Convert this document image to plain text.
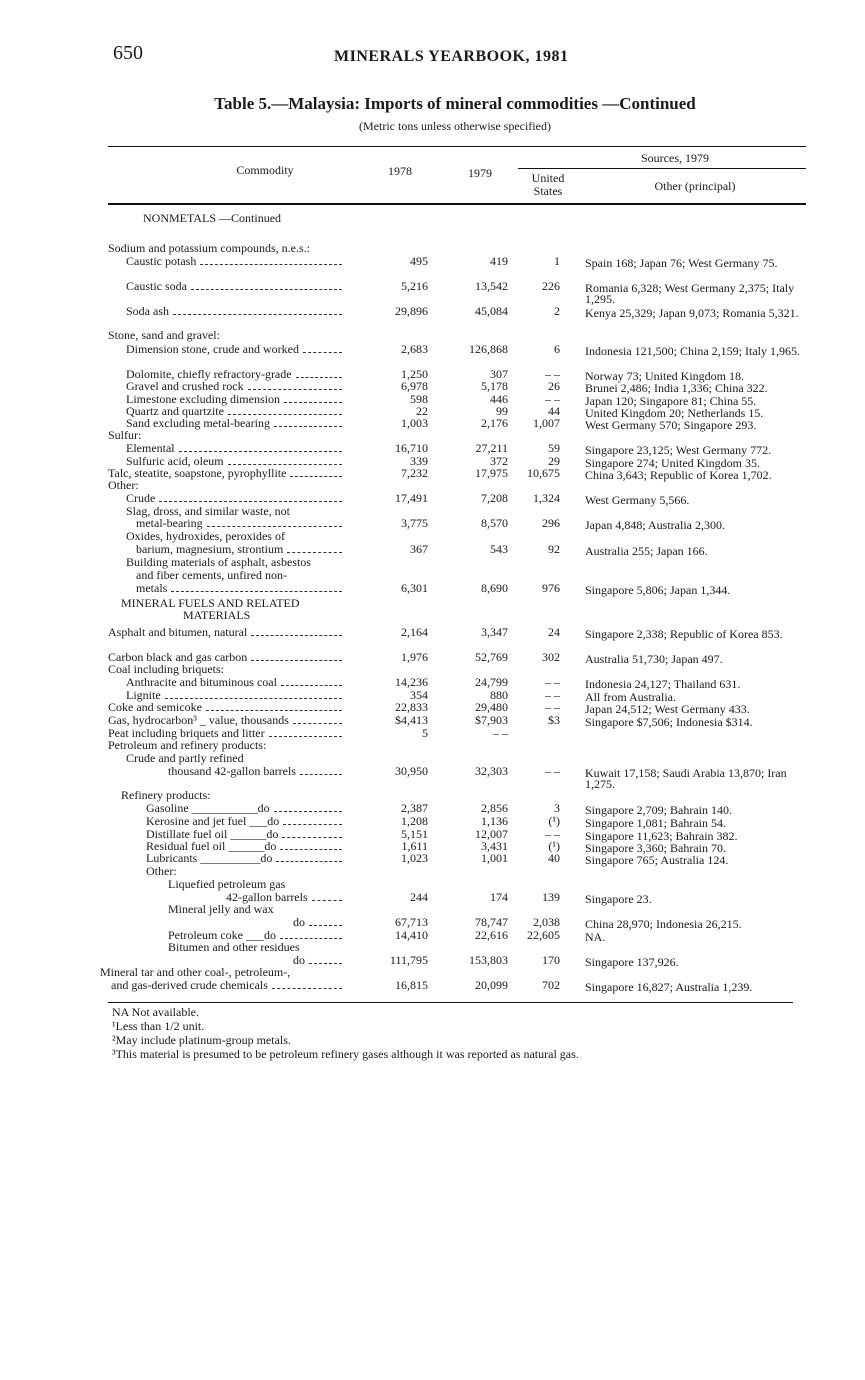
650	MINERALS YEARBOOK, 1981
Table 5.—Malaysia: Imports of mineral commodities —Continued
(Metric tons unless otherwise specified)
Commodity	1978	1979
Sources, 1979
United States	Other (principal)
NONMETALS —Continued
Sodium and potassium compounds, n.e.s.:
Caustic potash	495	419	1 Spain 168; Japan 76; West Germany 75.
Caustic soda	5,216	13,542	226 Romania 6,328; West Germany 2,375; Italy 1,295.
Soda ash	29,896	45,084	2 Kenya 25,329; Japan 9,073; Romania 5,321.
Stone, sand and gravel:
Dimension stone, crude and worked	2,683	126,868	6 Indonesia 121,500; China 2,159; Italy 1,965.
Dolomite, chiefly refractory-grade	1,250	307	– – Norway 73; United Kingdom 18.
Gravel and crushed rock	6,978	5,178	26 Brunei 2,486; India 1,336; China 322.
Limestone excluding dimension	598	446	– – Japan 120; Singapore 81; China 55.
Quartz and quartzite	22	99	44 United Kingdom 20; Netherlands 15.
Sand excluding metal-bearing	1,003	2,176 1,007 West Germany 570; Singapore 293.
Sulfur:
Elemental	16,710	27,211	59 Singapore 23,125; West Germany 772.
Sulfuric acid, oleum	339	372	29 Singapore 274; United Kingdom 35.
Talc, steatite, soapstone, pyrophyllite	7,232	17,975 10,675 China 3,643; Republic of Korea 1,702.
Other:
Crude	17,491	7,208 1,324 West Germany 5,566.
Slag, dross, and similar waste, not
metal-bearing	3,775	8,570	296 Japan 4,848; Australia 2,300.
Oxides, hydroxides, peroxides of
barium, magnesium, strontium	367	543	92 Australia 255; Japan 166.
Building materials of asphalt, asbestos
and fiber cements, unfired non-
metals	6,301	8,690	976 Singapore 5,806; Japan 1,344.
MINERAL FUELS AND RELATED
MATERIALS
Asphalt and bitumen, natural	2,164	3,347	24 Singapore 2,338; Republic of Korea 853.
Carbon black and gas carbon	1,976	52,769	302 Australia 51,730; Japan 497.
Coal including briquets:
Anthracite and bituminous coal	14,236	24,799	– – Indonesia 24,127; Thailand 631.
Lignite	354	880	– – All from Australia.
Coke and semicoke	22,833	29,480	– – Japan 24,512; West Germany 433.
Gas, hydrocarbon³ _ value, thousands	$4,413	$7,903	$3 Singapore $7,506; Indonesia $314.
Peat including briquets and litter	5	– –
Petroleum and refinery products:
Crude and partly refined
thousand 42-gallon barrels	30,950	32,303	– – Kuwait 17,158; Saudi Arabia 13,870; Iran 1,275.
Refinery products:
Gasoline ___________do	2,387	2,856	3 Singapore 2,709; Bahrain 140.
Kerosine and jet fuel ___do	1,208	1,136	(¹) Singapore 1,081; Bahrain 54.
Distillate fuel oil ______do	5,151	12,007	– – Singapore 11,623; Bahrain 382.
Residual fuel oil ______do	1,611	3,431	(¹) Singapore 3,360; Bahrain 70.
Lubricants __________do	1,023	1,001	40 Singapore 765; Australia 124.
Other:
Liquefied petroleum gas
42-gallon barrels	244	174	139 Singapore 23.
Mineral jelly and wax
do	67,713	78,747 2,038 China 28,970; Indonesia 26,215.
Petroleum coke ___do	14,410	22,616 22,605 NA.
Bitumen and other residues
do	111,795	153,803	170 Singapore 137,926.
Mineral tar and other coal-, petroleum-,
and gas-derived crude chemicals	16,815	20,099	702 Singapore 16,827; Australia 1,239.
NA Not available.
¹Less than 1/2 unit.
²May include platinum-group metals.
³This material is presumed to be petroleum refinery gases although it was reported as natural gas.
